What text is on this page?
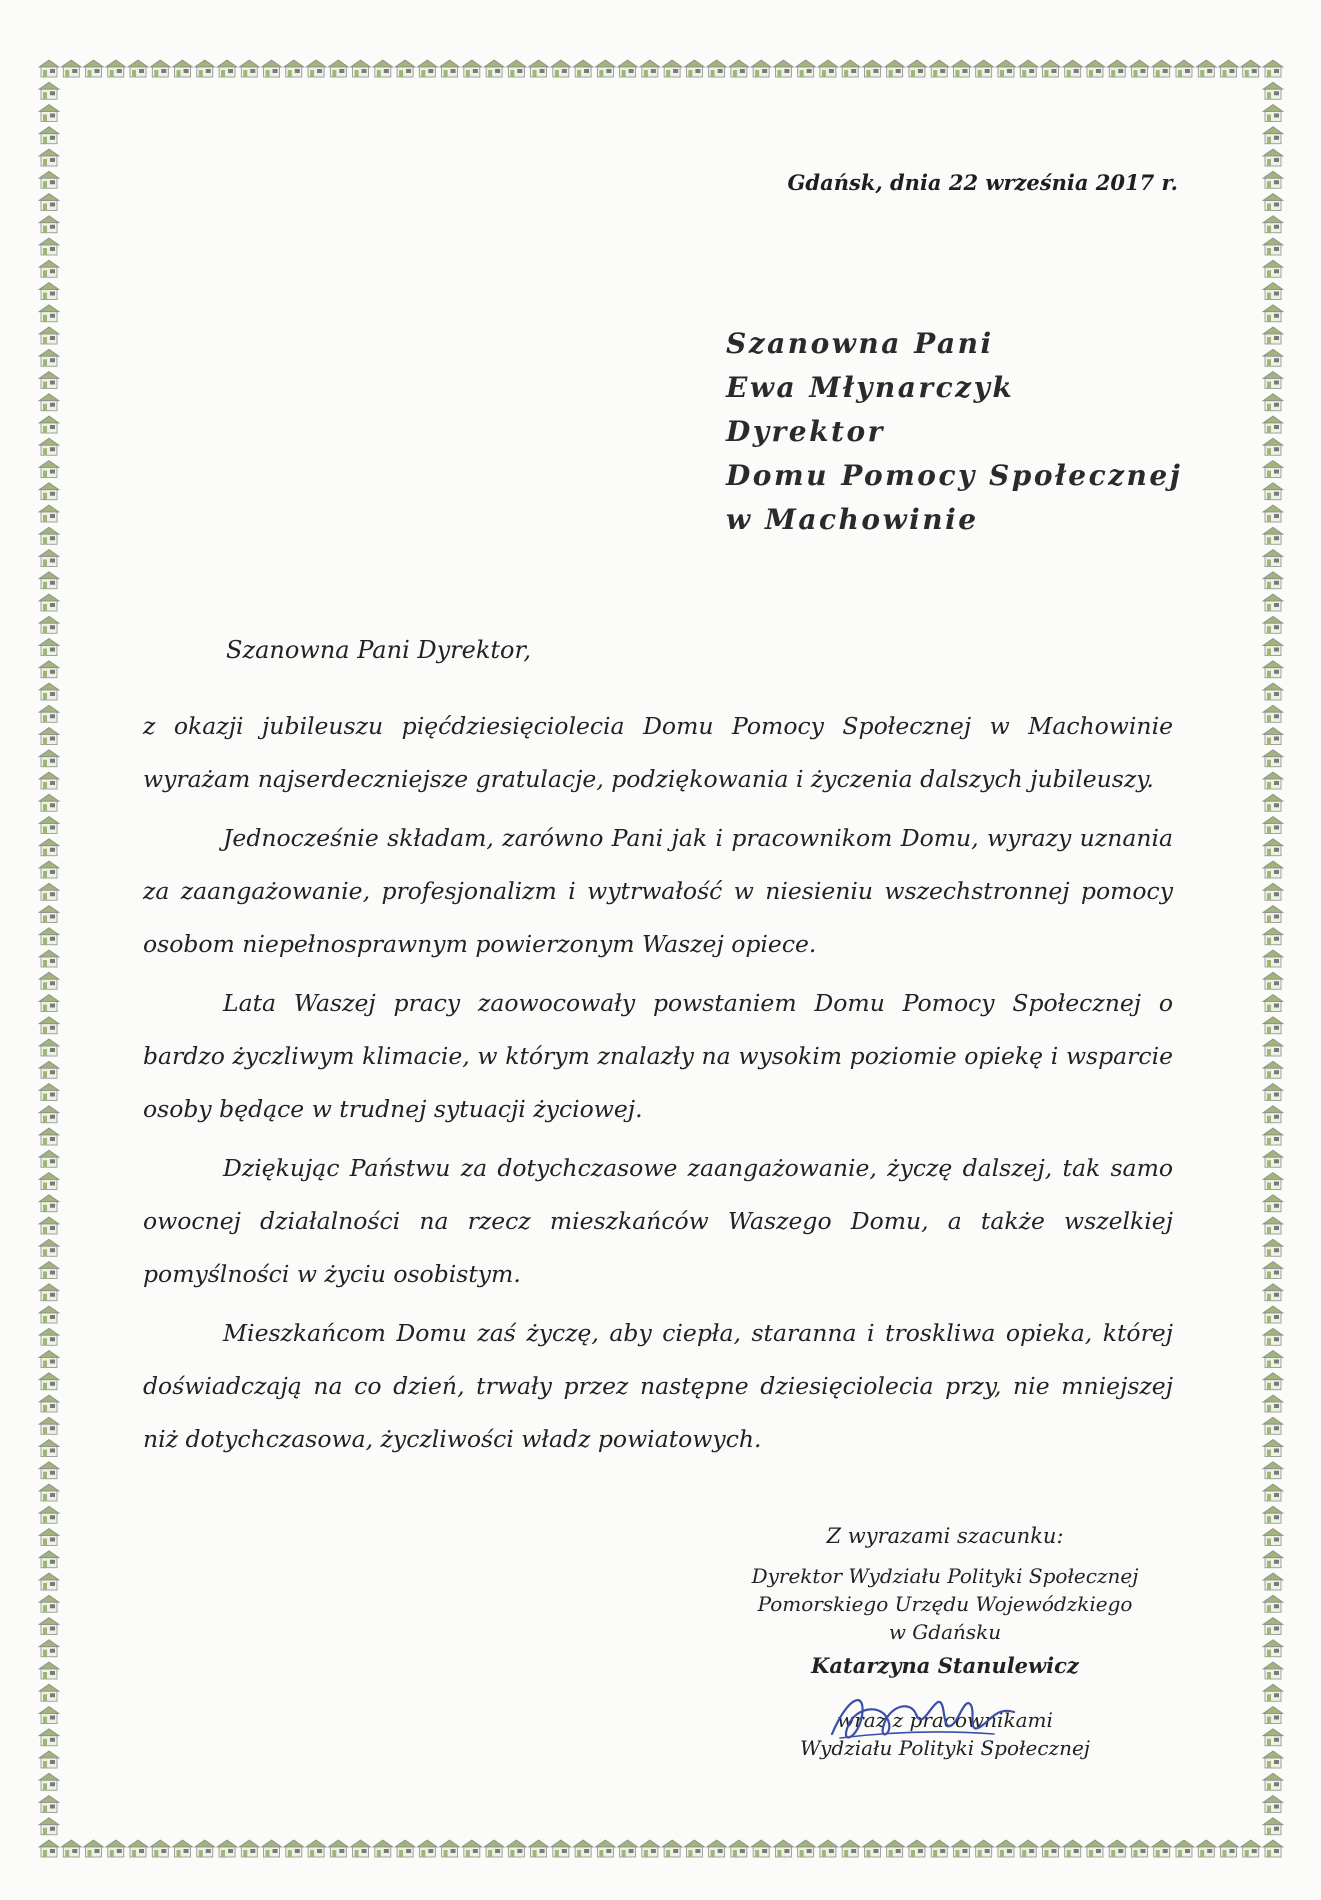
Gdańsk, dnia 22 września 2017 r.
Szanowna Pani
Ewa Młynarczyk
Dyrektor
Domu Pomocy Społecznej
w Machowinie
Szanowna Pani Dyrektor,

z okazji jubileuszu pięćdziesięciolecia Domu Pomocy Społecznej w Machowinie wyrażam najserdeczniejsze gratulacje, podziękowania i życzenia dalszych jubileuszy.

Jednocześnie składam, zarówno Pani jak i pracownikom Domu, wyrazy uznania za zaangażowanie, profesjonalizm i wytrwałość w niesieniu wszechstronnej pomocy osobom niepełnosprawnym powierzonym Waszej opiece.

Lata Waszej pracy zaowocowały powstaniem Domu Pomocy Społecznej o bardzo życzliwym klimacie, w którym znalazły na wysokim poziomie opiekę i wsparcie osoby będące w trudnej sytuacji życiowej.

Dziękując Państwu za dotychczasowe zaangażowanie, życzę dalszej, tak samo owocnej działalności na rzecz mieszkańców Waszego Domu, a także wszelkiej pomyślności w życiu osobistym.

Mieszkańcom Domu zaś życzę, aby ciepła, staranna i troskliwa opieka, której doświadczają na co dzień, trwały przez następne dziesięciolecia przy, nie mniejszej niż dotychczasowa, życzliwości władz powiatowych.

Z wyrazami szacunku:
Dyrektor Wydziału Polityki Społecznej
Pomorskiego Urzędu Wojewódzkiego
w Gdańsku
Katarzyna Stanulewicz
wraz z pracownikami
Wydziału Polityki Społecznej
